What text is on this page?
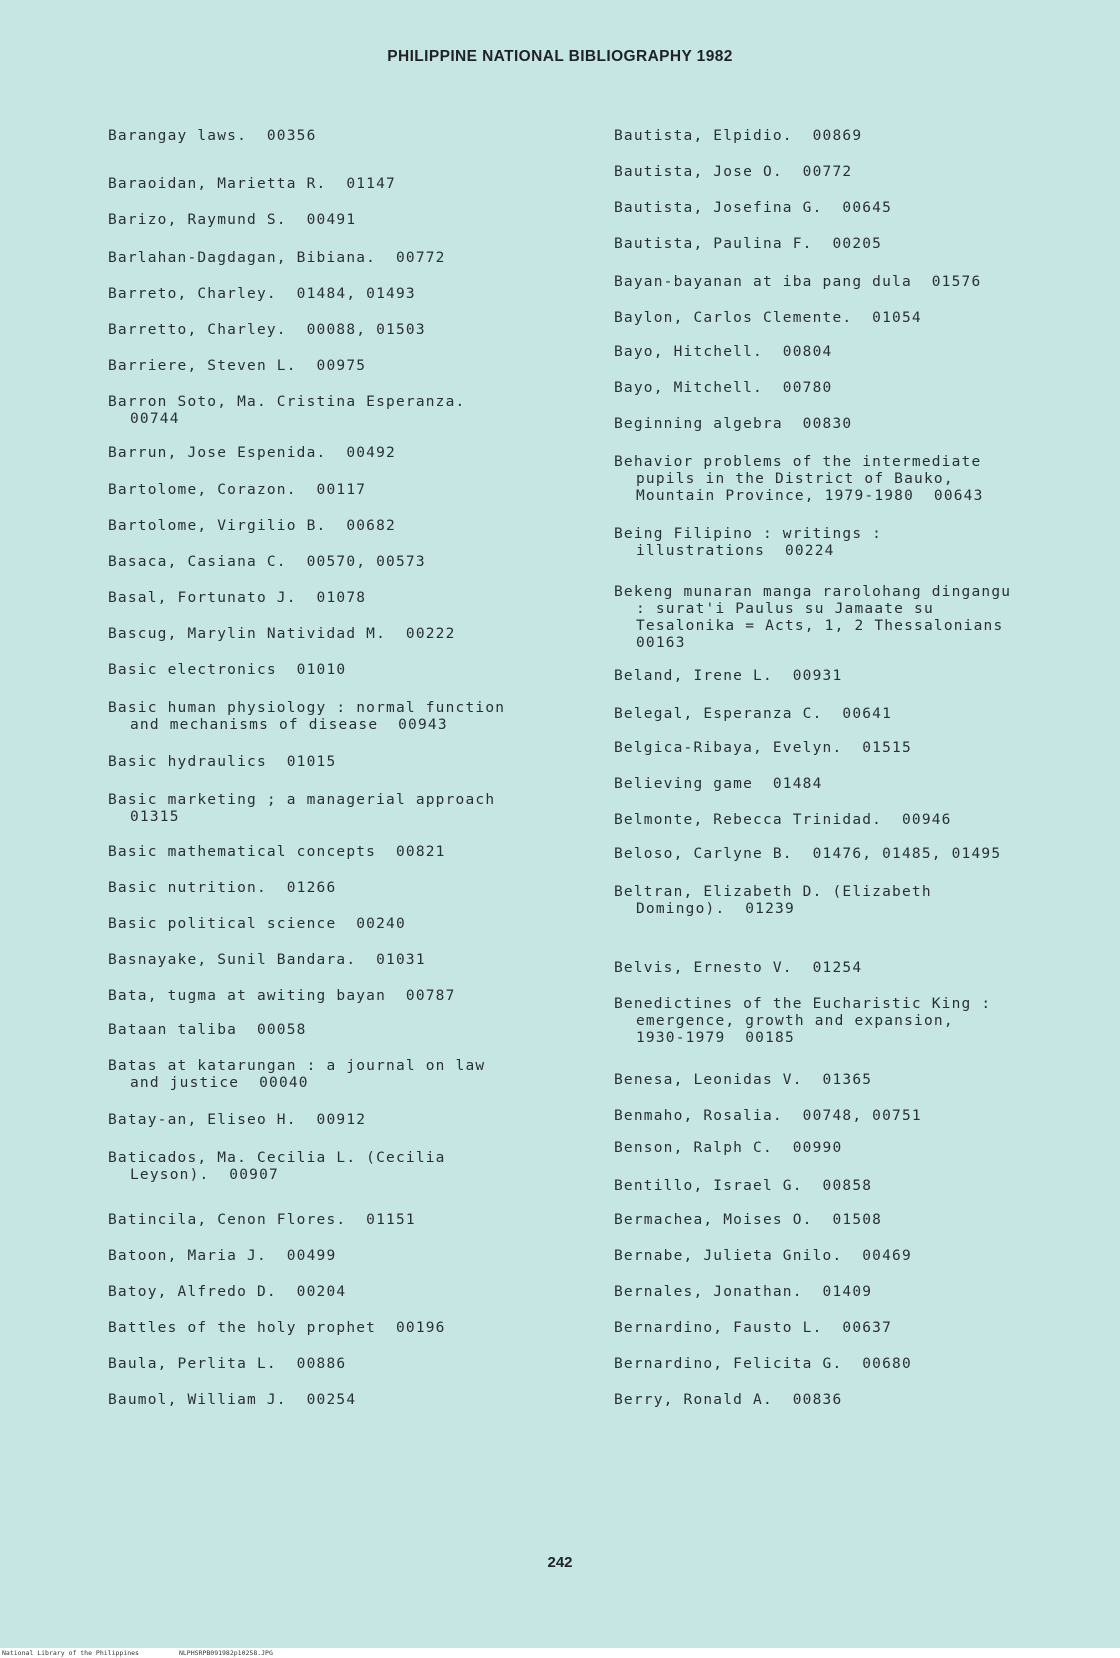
PHILIPPINE NATIONAL BIBLIOGRAPHY 1982
Barangay laws.  00356
Baraoidan, Marietta R.  01147
Barizo, Raymund S.  00491
Barlahan-Dagdagan, Bibiana.  00772
Barreto, Charley.  01484, 01493
Barretto, Charley.  00088, 01503
Barriere, Steven L.  00975
Barron Soto, Ma. Cristina Esperanza.
00744
Barrun, Jose Espenida.  00492
Bartolome, Corazon.  00117
Bartolome, Virgilio B.  00682
Basaca, Casiana C.  00570, 00573
Basal, Fortunato J.  01078
Bascug, Marylin Natividad M.  00222
Basic electronics  01010
Basic human physiology : normal function
and mechanisms of disease  00943
Basic hydraulics  01015
Basic marketing ; a managerial approach
01315
Basic mathematical concepts  00821
Basic nutrition.  01266
Basic political science  00240
Basnayake, Sunil Bandara.  01031
Bata, tugma at awiting bayan  00787
Bataan taliba  00058
Batas at katarungan : a journal on law
and justice  00040
Batay-an, Eliseo H.  00912
Baticados, Ma. Cecilia L. (Cecilia
Leyson).  00907
Batincila, Cenon Flores.  01151
Batoon, Maria J.  00499
Batoy, Alfredo D.  00204
Battles of the holy prophet  00196
Baula, Perlita L.  00886
Baumol, William J.  00254
Bautista, Elpidio.  00869
Bautista, Jose O.  00772
Bautista, Josefina G.  00645
Bautista, Paulina F.  00205
Bayan-bayanan at iba pang dula  01576
Baylon, Carlos Clemente.  01054
Bayo, Hitchell.  00804
Bayo, Mitchell.  00780
Beginning algebra  00830
Behavior problems of the intermediate
pupils in the District of Bauko,
Mountain Province, 1979-1980  00643
Being Filipino : writings :
illustrations  00224
Bekeng munaran manga rarolohang dingangu
: surat'i Paulus su Jamaate su
Tesalonika = Acts, 1, 2 Thessalonians
00163
Beland, Irene L.  00931
Belegal, Esperanza C.  00641
Belgica-Ribaya, Evelyn.  01515
Believing game  01484
Belmonte, Rebecca Trinidad.  00946
Beloso, Carlyne B.  01476, 01485, 01495
Beltran, Elizabeth D. (Elizabeth
Domingo).  01239
Belvis, Ernesto V.  01254
Benedictines of the Eucharistic King :
emergence, growth and expansion,
1930-1979  00185
Benesa, Leonidas V.  01365
Benmaho, Rosalia.  00748, 00751
Benson, Ralph C.  00990
Bentillo, Israel G.  00858
Bermachea, Moises O.  01508
Bernabe, Julieta Gnilo.  00469
Bernales, Jonathan.  01409
Bernardino, Fausto L.  00637
Bernardino, Felicita G.  00680
Berry, Ronald A.  00836
242
National Library of the Philippines	NLPHSRPB091982p10258.JPG
